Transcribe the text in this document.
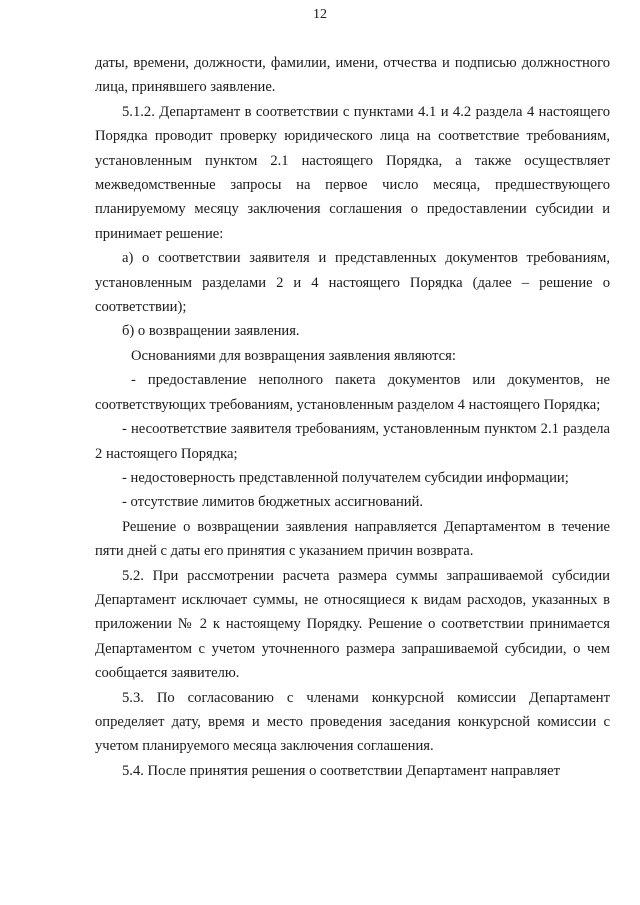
12

даты, времени, должности, фамилии, имени, отчества и подписью должностного лица, принявшего заявление.

5.1.2. Департамент в соответствии с пунктами 4.1 и 4.2 раздела 4 настоящего Порядка проводит проверку юридического лица на соответствие требованиям, установленным пунктом 2.1 настоящего Порядка, а также осуществляет межведомственные запросы на первое число месяца, предшествующего планируемому месяцу заключения соглашения о предоставлении субсидии и принимает решение:

а) о соответствии заявителя и представленных документов требованиям, установленным разделами 2 и 4 настоящего Порядка (далее – решение о соответствии);

б) о возвращении заявления.

Основаниями для возвращения заявления являются:

- предоставление неполного пакета документов или документов, не соответствующих требованиям, установленным разделом 4 настоящего Порядка;

- несоответствие заявителя требованиям, установленным пунктом 2.1 раздела 2 настоящего Порядка;

- недостоверность представленной получателем субсидии информации;

- отсутствие лимитов бюджетных ассигнований.

Решение о возвращении заявления направляется Департаментом в течение пяти дней с даты его принятия с указанием причин возврата.

5.2. При рассмотрении расчета размера суммы запрашиваемой субсидии Департамент исключает суммы, не относящиеся к видам расходов, указанных в приложении № 2 к настоящему Порядку. Решение о соответствии принимается Департаментом с учетом уточненного размера запрашиваемой субсидии, о чем сообщается заявителю.

5.3. По согласованию с членами конкурсной комиссии Департамент определяет дату, время и место проведения заседания конкурсной комиссии с учетом планируемого месяца заключения соглашения.

5.4. После принятия решения о соответствии Департамент направляет
